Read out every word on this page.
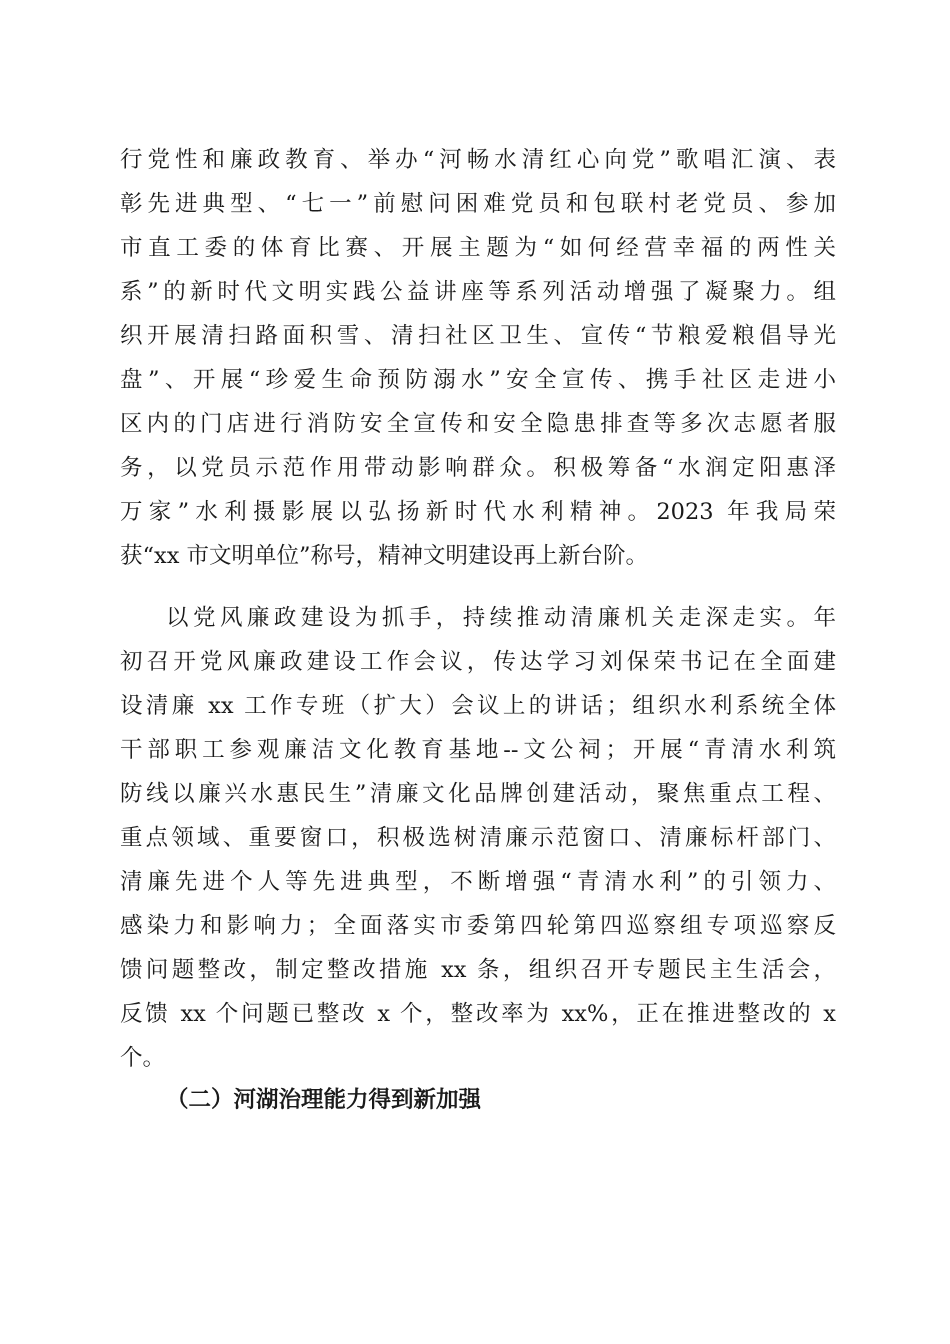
行党性和廉政教育、举办“河畅水清红心向党”歌唱汇演、表

彰先进典型、“七一”前慰问困难党员和包联村老党员、参加

市直工委的体育比赛、开展主题为“如何经营幸福的两性关

系”的新时代文明实践公益讲座等系列活动增强了凝聚力。组

织开展清扫路面积雪、清扫社区卫生、宣传“节粮爱粮倡导光

盘”、开展“珍爱生命预防溺水”安全宣传、携手社区走进小

区内的门店进行消防安全宣传和安全隐患排查等多次志愿者服

务，以党员示范作用带动影响群众。积极筹备“水润定阳惠泽

万家”水利摄影展以弘扬新时代水利精神。2023 年我局荣

获“xx 市文明单位”称号，精神文明建设再上新台阶。

以党风廉政建设为抓手，持续推动清廉机关走深走实。年

初召开党风廉政建设工作会议，传达学习刘保荣书记在全面建

设清廉 xx 工作专班（扩大）会议上的讲话；组织水利系统全体

干部职工参观廉洁文化教育基地--文公祠；开展“青清水利筑

防线以廉兴水惠民生”清廉文化品牌创建活动，聚焦重点工程、

重点领域、重要窗口，积极选树清廉示范窗口、清廉标杆部门、

清廉先进个人等先进典型，不断增强“青清水利”的引领力、

感染力和影响力；全面落实市委第四轮第四巡察组专项巡察反

馈问题整改，制定整改措施 xx 条，组织召开专题民主生活会，

反馈 xx 个问题已整改 x 个，整改率为 xx%，正在推进整改的 x

个。

（二）河湖治理能力得到新加强
